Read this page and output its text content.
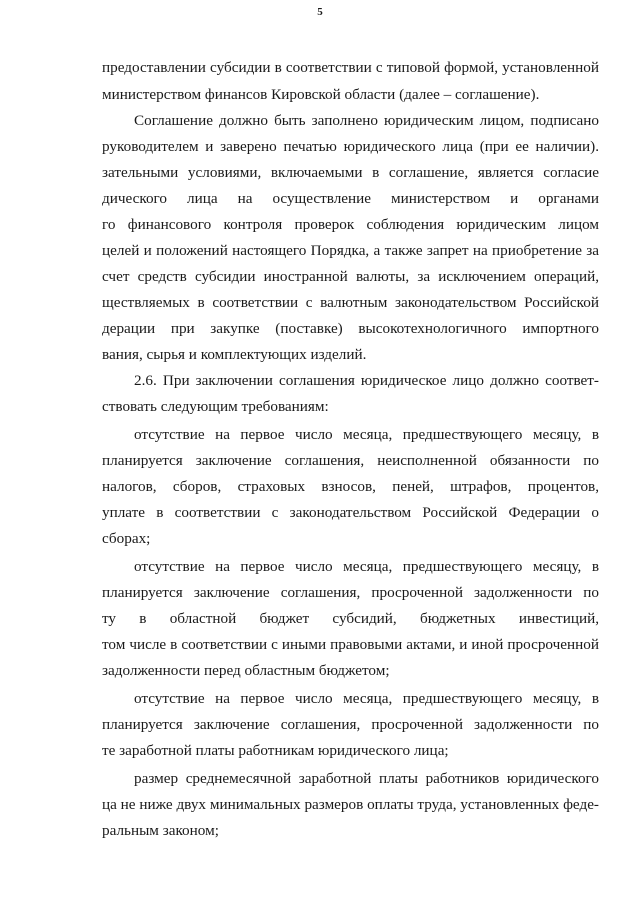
5
предоставлении субсидии в соответствии с типовой формой, установленной
министерством финансов Кировской области (далее – соглашение).
Соглашение должно быть заполнено юридическим лицом, подписано
руководителем и заверено печатью юридического лица (при ее наличии).
зательными условиями, включаемыми в соглашение, является согласие
дического лица на осуществление министерством и органами
го финансового контроля проверок соблюдения юридическим лицом
целей и положений настоящего Порядка, а также запрет на приобретение за
счет средств субсидии иностранной валюты, за исключением операций,
ществляемых в соответствии с валютным законодательством Российской
дерации при закупке (поставке) высокотехнологичного импортного
вания, сырья и комплектующих изделий.
2.6. При заключении соглашения юридическое лицо должно соответ-
ствовать следующим требованиям:
отсутствие на первое число месяца, предшествующего месяцу, в
планируется заключение соглашения, неисполненной обязанности по
налогов, сборов, страховых взносов, пеней, штрафов, процентов,
уплате в соответствии с законодательством Российской Федерации о
сборах;
отсутствие на первое число месяца, предшествующего месяцу, в
планируется заключение соглашения, просроченной задолженности по
ту в областной бюджет субсидий, бюджетных инвестиций,
том числе в соответствии с иными правовыми актами, и иной просроченной
задолженности перед областным бюджетом;
отсутствие на первое число месяца, предшествующего месяцу, в
планируется заключение соглашения, просроченной задолженности по
те заработной платы работникам юридического лица;
размер среднемесячной заработной платы работников юридического
ца не ниже двух минимальных размеров оплаты труда, установленных феде-
ральным законом;
